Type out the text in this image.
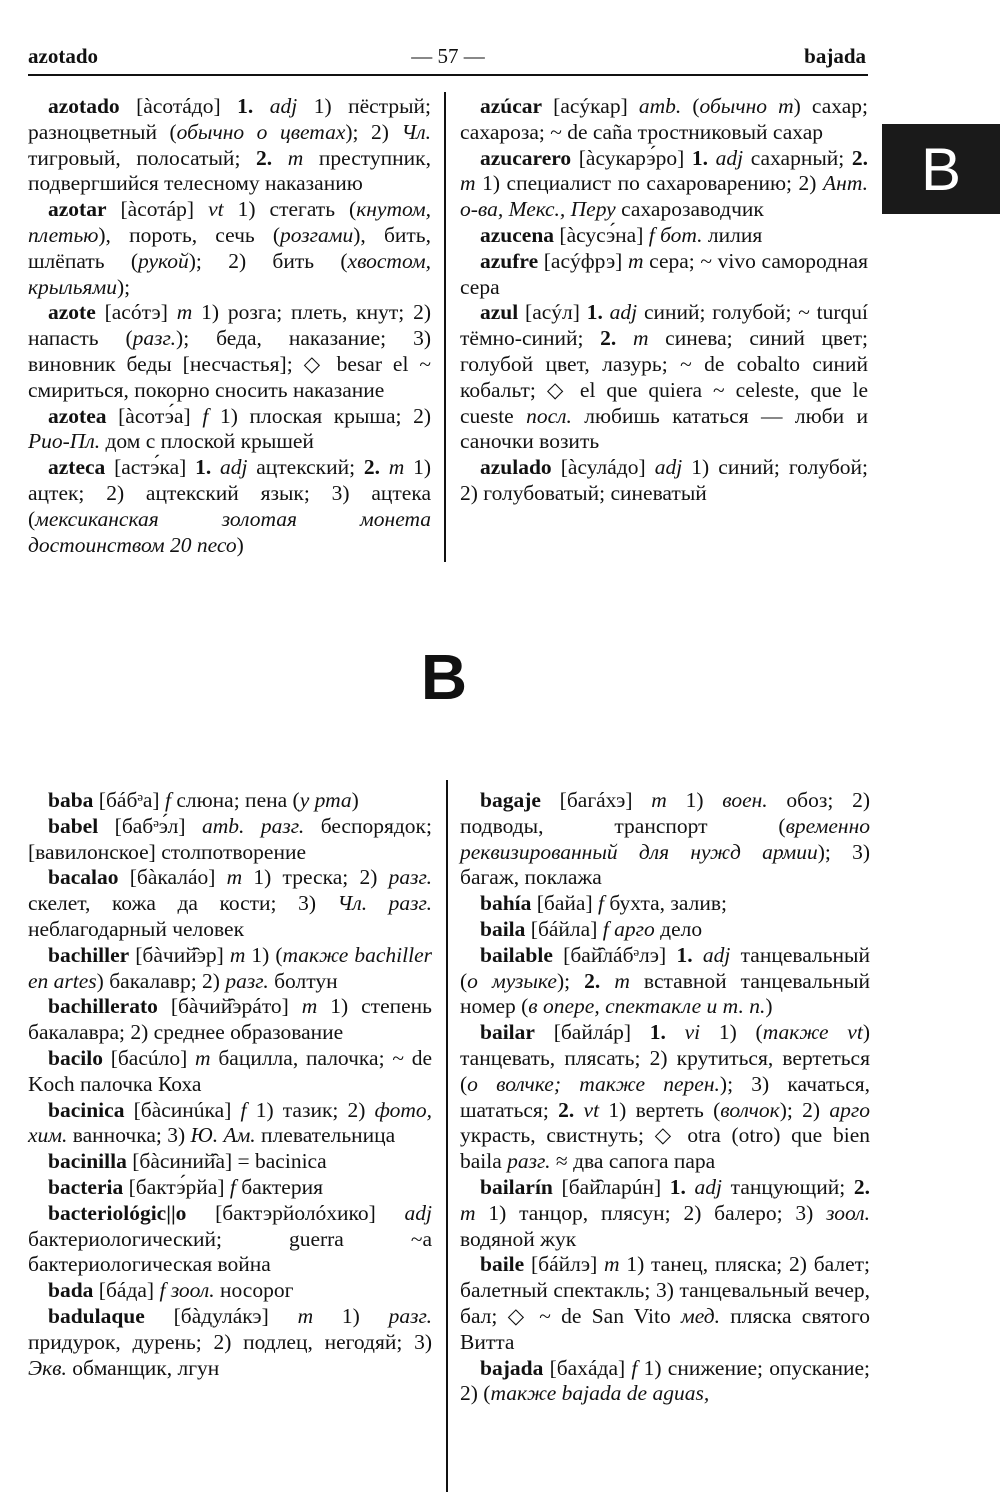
azotado	— 57 —	bajada
B

azotado [àсотáдо] 1. adj 1) пёстрый; разноцветный (обычно о цветах); 2) Чл. тигровый, полосатый; 2. m преступник, подвергшийся телесному наказанию

azotar [àсотáр] vt 1) стегать (кнутом, плетью), пороть, сечь (розгами), бить, шлёпать (рукой); 2) бить (хвостом, крыльями);

azote [асóтэ] m 1) розга; плеть, кнут; 2) напасть (разг.); беда, наказание; 3) виновник беды [несчастья]; ◇ besar el ~ смириться, покорно сносить наказание

azotea [àсотэ́а] f 1) плоская крыша; 2) Рио-Пл. дом с плоской крышей

azteca [астэ́ка] 1. adj ацтекский; 2. m 1) ацтек; 2) ацтекский язык; 3) ацтека (мексиканская золотая монета достоинством 20 песо)

azúcar [асýкар] amb. (обычно m) сахар; сахароза; ~ de caña тростниковый сахар

azucarero [àсукарэ́ро] 1. adj сахарный; 2. m 1) специалист по сахароварению; 2) Ант. о-ва, Мекс., Перу сахарозаводчик

azucena [àсусэ́на] f бот. лилия

azufre [асýфрэ] m сера; ~ vivo самородная сера

azul [асýл] 1. adj синий; голубой; ~ turquí тёмно-синий; 2. m синева; синий цвет; голубой цвет, лазурь; ~ de cobalto синий кобальт; ◇ el que quiera ~ celeste, que le cueste посл. любишь кататься — люби и саночки возить

azulado [àсулáдо] adj 1) синий; голубой; 2) голубоватый; синеватый

B

baba [бáбᵊа] f слюна; пена (у рта)

babel [бабᵊэ́л] amb. разг. беспорядок; [вавилонское] столпотворение

bacalao [бàкалáо] m 1) треска; 2) разг. скелет, кожа да кости; 3) Чл. разг. неблагодарный человек

bachiller [бàчий̑эр] m 1) (также bachiller en artes) бакалавр; 2) разг. болтун

bachillerato [бàчий̑эрáто] m 1) степень бакалавра; 2) среднее образование

bacilo [басúло] m бацилла, палочка; ~ de Koch палочка Коха

bacinica [бàсинúка] f 1) тазик; 2) фото, хим. ванночка; 3) Ю. Ам. плевательница

bacinilla [бàсиний̑а] = bacinica

bacteria [бактэ́рйа] f бактерия

bacteriológic||o [бактэрйолóхико] adj бактериологический; guerra ~a бактериологическая война

bada [бáда] f зоол. носорог

badulaque [бàдулáкэ] m 1) разг. придурок, дурень; 2) подлец, негодяй; 3) Экв. обманщик, лгун

bagaje [багáхэ] m 1) воен. обоз; 2) подводы, транспорт (временно реквизированный для нужд армии); 3) багаж, поклажа

bahía [байа] f бухта, залив;

baila [бáйла] f арго дело

bailable [бай̑лáбᵊлэ] 1. adj танцевальный (о музыке); 2. m вставной танцевальный номер (в опере, спектакле и т. п.)

bailar [байлáр] 1. vi 1) (также vt) танцевать, плясать; 2) крутиться, вертеться (о волчке; также перен.); 3) качаться, шататься; 2. vt 1) вертеть (волчок); 2) арго украсть, свистнуть; ◇ otra (otro) que bien baila разг. ≈ два сапога пара

bailarín [бай̑ларúн] 1. adj танцующий; 2. m 1) танцор, плясун; 2) балеро; 3) зоол. водяной жук

baile [бáйлэ] m 1) танец, пляска; 2) балет; балетный спектакль; 3) танцевальный вечер, бал; ◇ ~ de San Vito мед. пляска святого Витта

bajada [бахáда] f 1) снижение; опускание; 2) (также bajada de aguas,
